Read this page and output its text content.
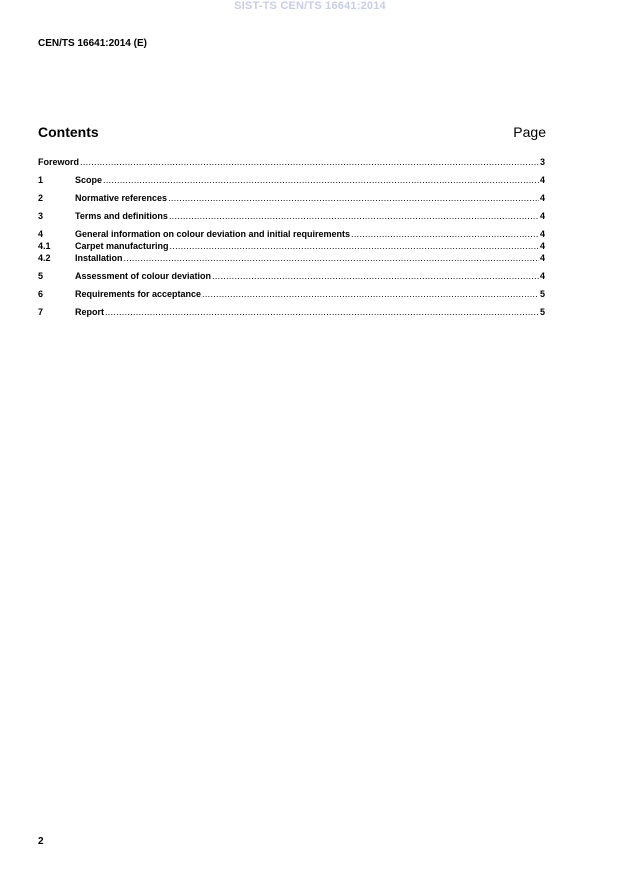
SIST-TS CEN/TS 16641:2014
CEN/TS 16641:2014 (E)
Contents	Page
Foreword .....	3
1	Scope .....	4
2	Normative references .....	4
3	Terms and definitions .....	4
4	General information on colour deviation and initial requirements .....	4
4.1	Carpet manufacturing .....	4
4.2	Installation .....	4
5	Assessment of colour deviation .....	4
6	Requirements for acceptance .....	5
7	Report .....	5
2
